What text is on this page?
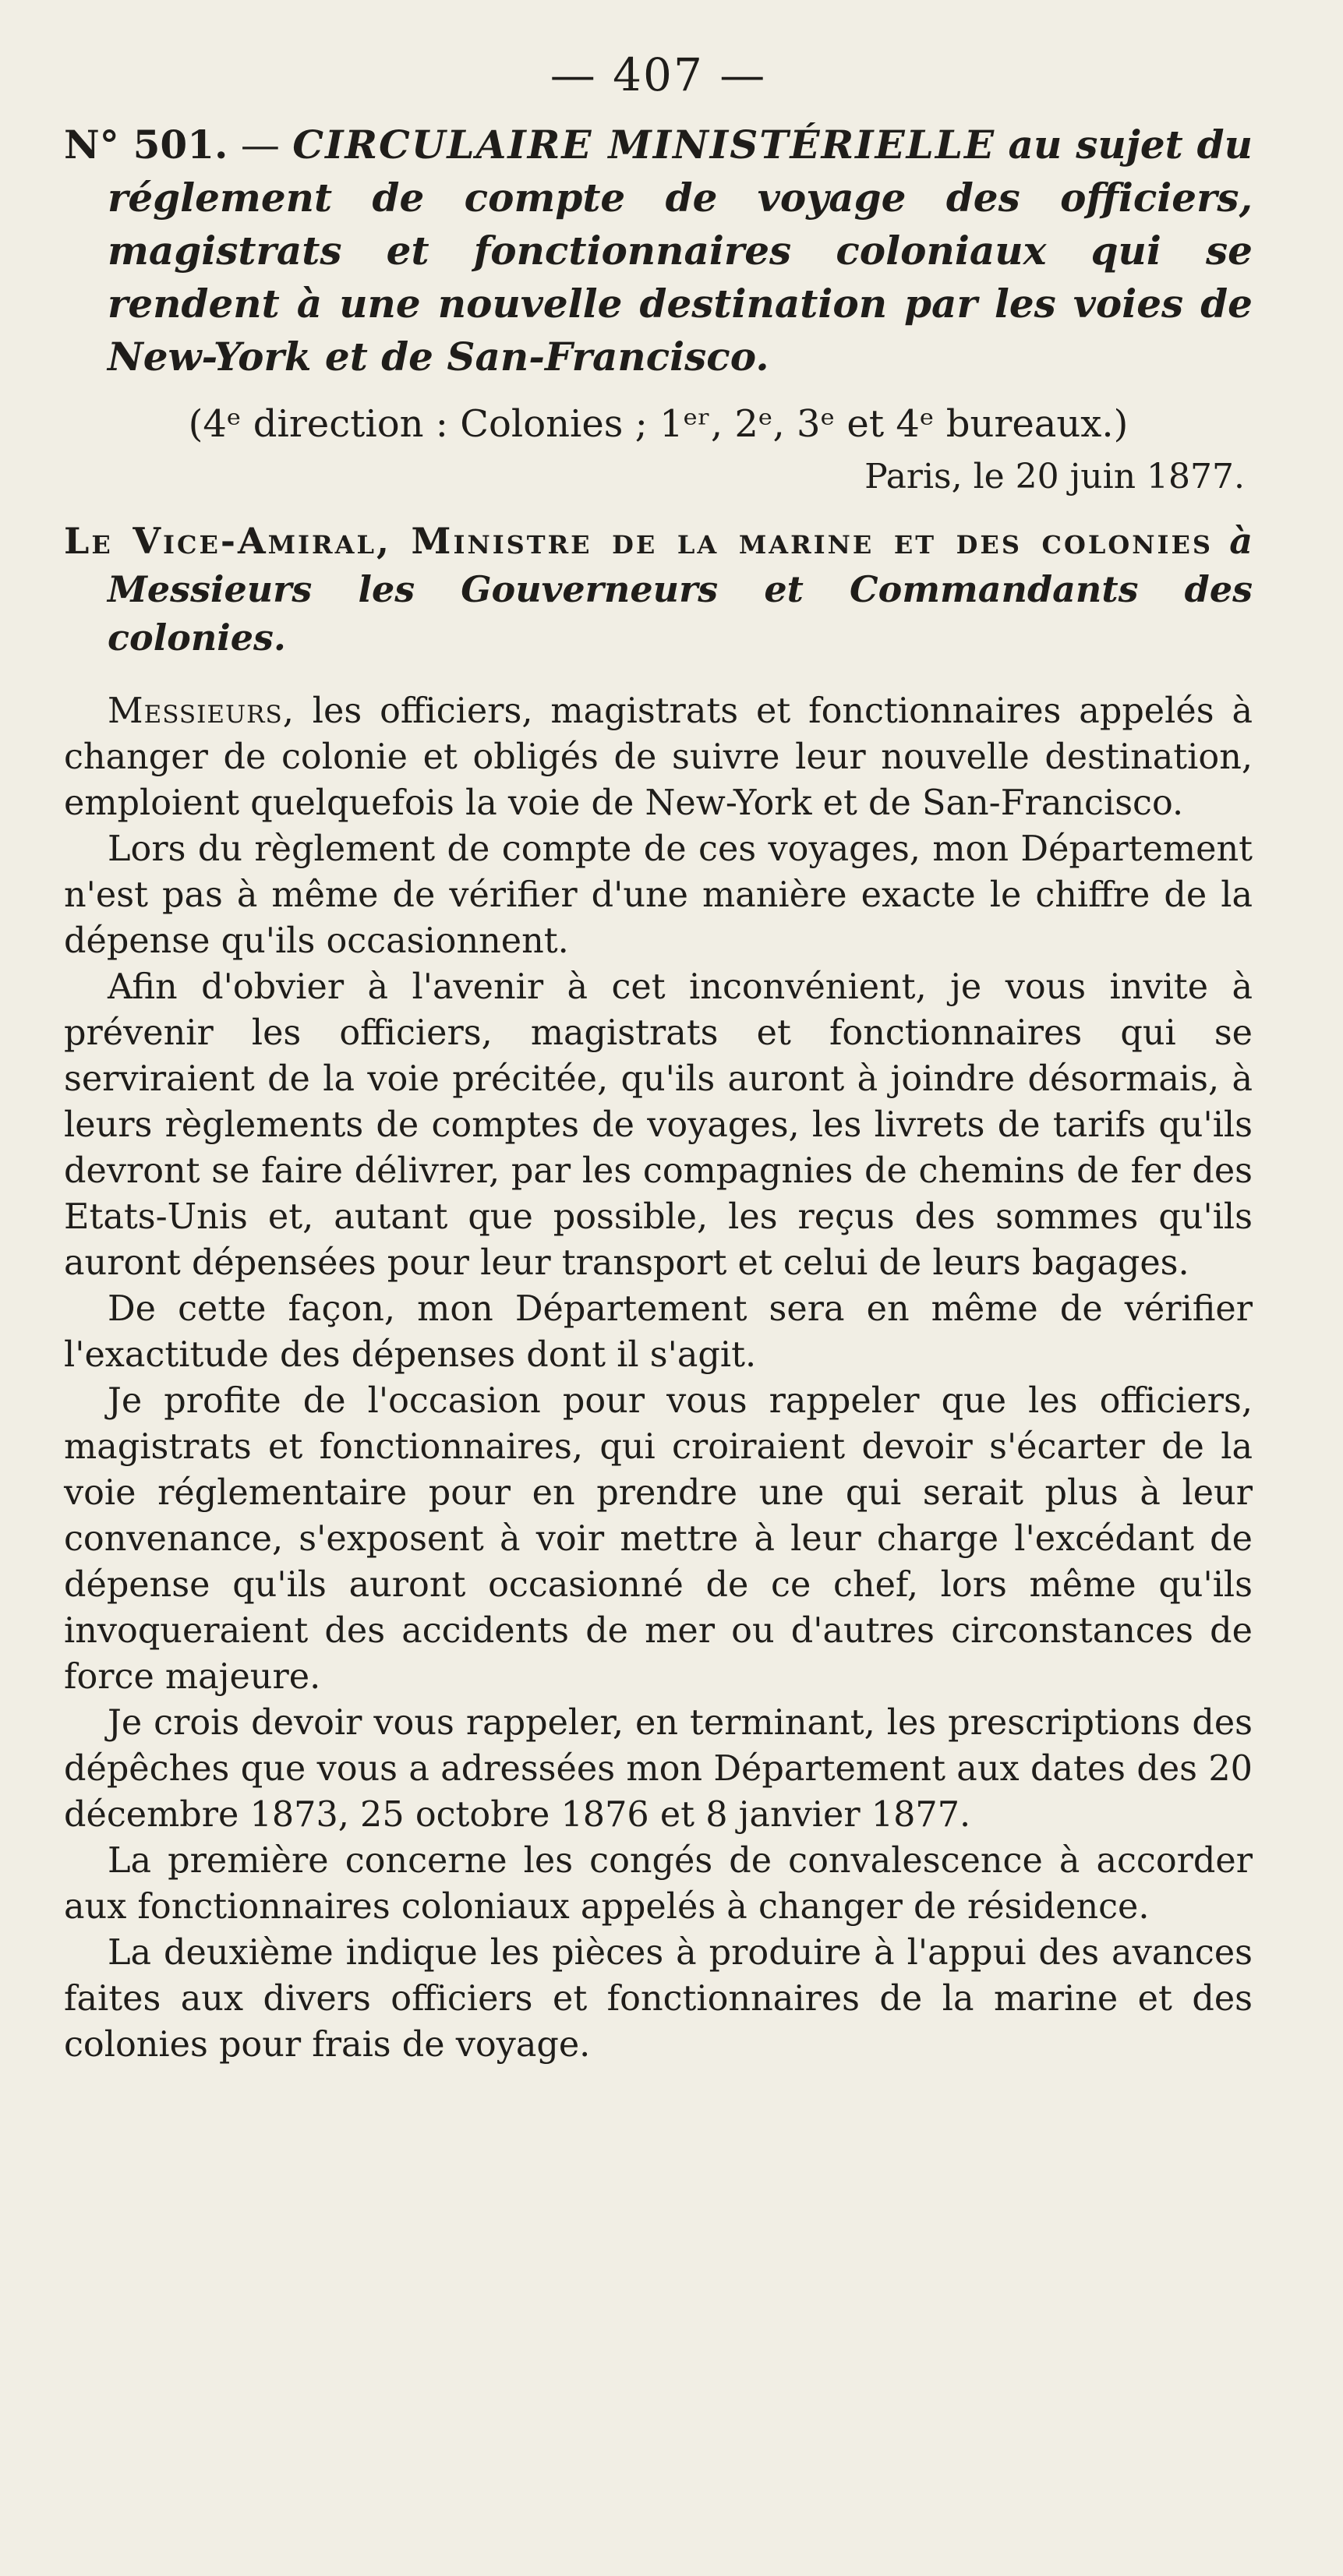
— 407 —

N° 501. — CIRCULAIRE MINISTÉRIELLE au sujet du réglement de compte de voyage des officiers, magistrats et fonctionnaires coloniaux qui se rendent à une nouvelle destination par les voies de New-York et de San-Francisco.

(4ᵉ direction : Colonies ; 1ᵉʳ, 2ᵉ, 3ᵉ et 4ᵉ bureaux.)
Paris, le 20 juin 1877.

Le Vice-Amiral, Ministre de la marine et des colonies à Messieurs les Gouverneurs et Commandants des colonies.

Messieurs, les officiers, magistrats et fonctionnaires appelés à changer de colonie et obligés de suivre leur nouvelle destination, emploient quelquefois la voie de New-York et de San-Francisco.

Lors du règlement de compte de ces voyages, mon Département n'est pas à même de vérifier d'une manière exacte le chiffre de la dépense qu'ils occasionnent.

Afin d'obvier à l'avenir à cet inconvénient, je vous invite à prévenir les officiers, magistrats et fonctionnaires qui se serviraient de la voie précitée, qu'ils auront à joindre désormais, à leurs règlements de comptes de voyages, les livrets de tarifs qu'ils devront se faire délivrer, par les compagnies de chemins de fer des Etats-Unis et, autant que possible, les reçus des sommes qu'ils auront dépensées pour leur transport et celui de leurs bagages.

De cette façon, mon Département sera en même de vérifier l'exactitude des dépenses dont il s'agit.

Je profite de l'occasion pour vous rappeler que les officiers, magistrats et fonctionnaires, qui croiraient devoir s'écarter de la voie réglementaire pour en prendre une qui serait plus à leur convenance, s'exposent à voir mettre à leur charge l'excédant de dépense qu'ils auront occasionné de ce chef, lors même qu'ils invoqueraient des accidents de mer ou d'autres circonstances de force majeure.

Je crois devoir vous rappeler, en terminant, les prescriptions des dépêches que vous a adressées mon Département aux dates des 20 décembre 1873, 25 octobre 1876 et 8 janvier 1877.

La première concerne les congés de convalescence à accorder aux fonctionnaires coloniaux appelés à changer de résidence.

La deuxième indique les pièces à produire à l'appui des avances faites aux divers officiers et fonctionnaires de la marine et des colonies pour frais de voyage.
